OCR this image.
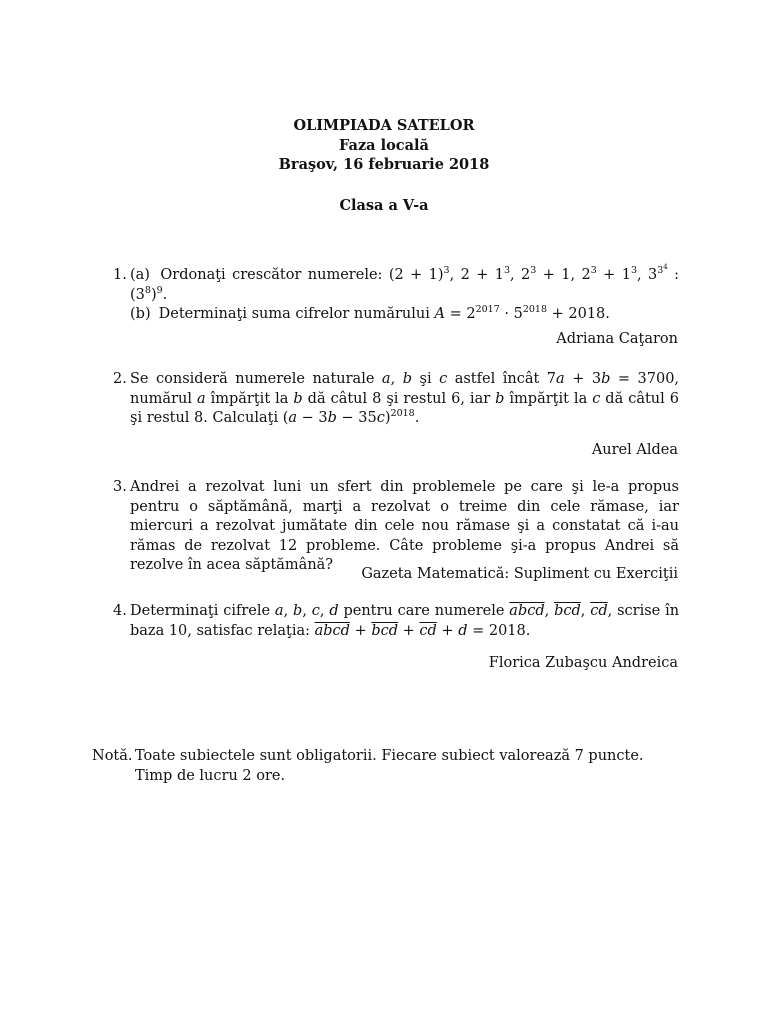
OLIMPIADA SATELOR
Faza locală
Braşov, 16 februarie 2018
Clasa a V-a
1. (a) Ordonaţi crescător numerele: $(2 + 1)^3$, $2 + 1^3$, $2^3 + 1$, $2^3 + 1^3$, $3^{3^4}$ : $(3^8)^9$.
(b) Determinaţi suma cifrelor numărului $A = 2^{2017} \cdot 5^{2018} + 2018$.
Adriana Caţaron
2. Se consideră numerele naturale a, b şi c astfel încât 7a + 3b = 3700, numărul a împărţit la b dă câtul 8 şi restul 6, iar b împărţit la c dă câtul 6 şi restul 8. Calculaţi $(a - 3b - 35c)^{2018}$.
Aurel Aldea
3. Andrei a rezolvat luni un sfert din problemele pe care şi le-a propus pentru o săptămână, marţi a rezolvat o treime din cele rămase, iar miercuri a rezolvat jumătate din cele nou rămase şi a constatat că i-au rămas de rezolvat 12 probleme. Câte probleme şi-a propus Andrei să rezolve în acea săptămână?
Gazeta Matematică: Supliment cu Exerciţii
4. Determinaţi cifrele a, b, c, d pentru care numerele abcd, $\overline{bcd}$, $\overline{cd}$, scrise în baza 10, satisfac relaţia: abcd + $\overline{bcd} + \overline{cd} + d = 2018$.
Florica Zubaşcu Andreica
Notă. Toate subiectele sunt obligatorii. Fiecare subiect valorează 7 puncte.
Timp de lucru 2 ore.
